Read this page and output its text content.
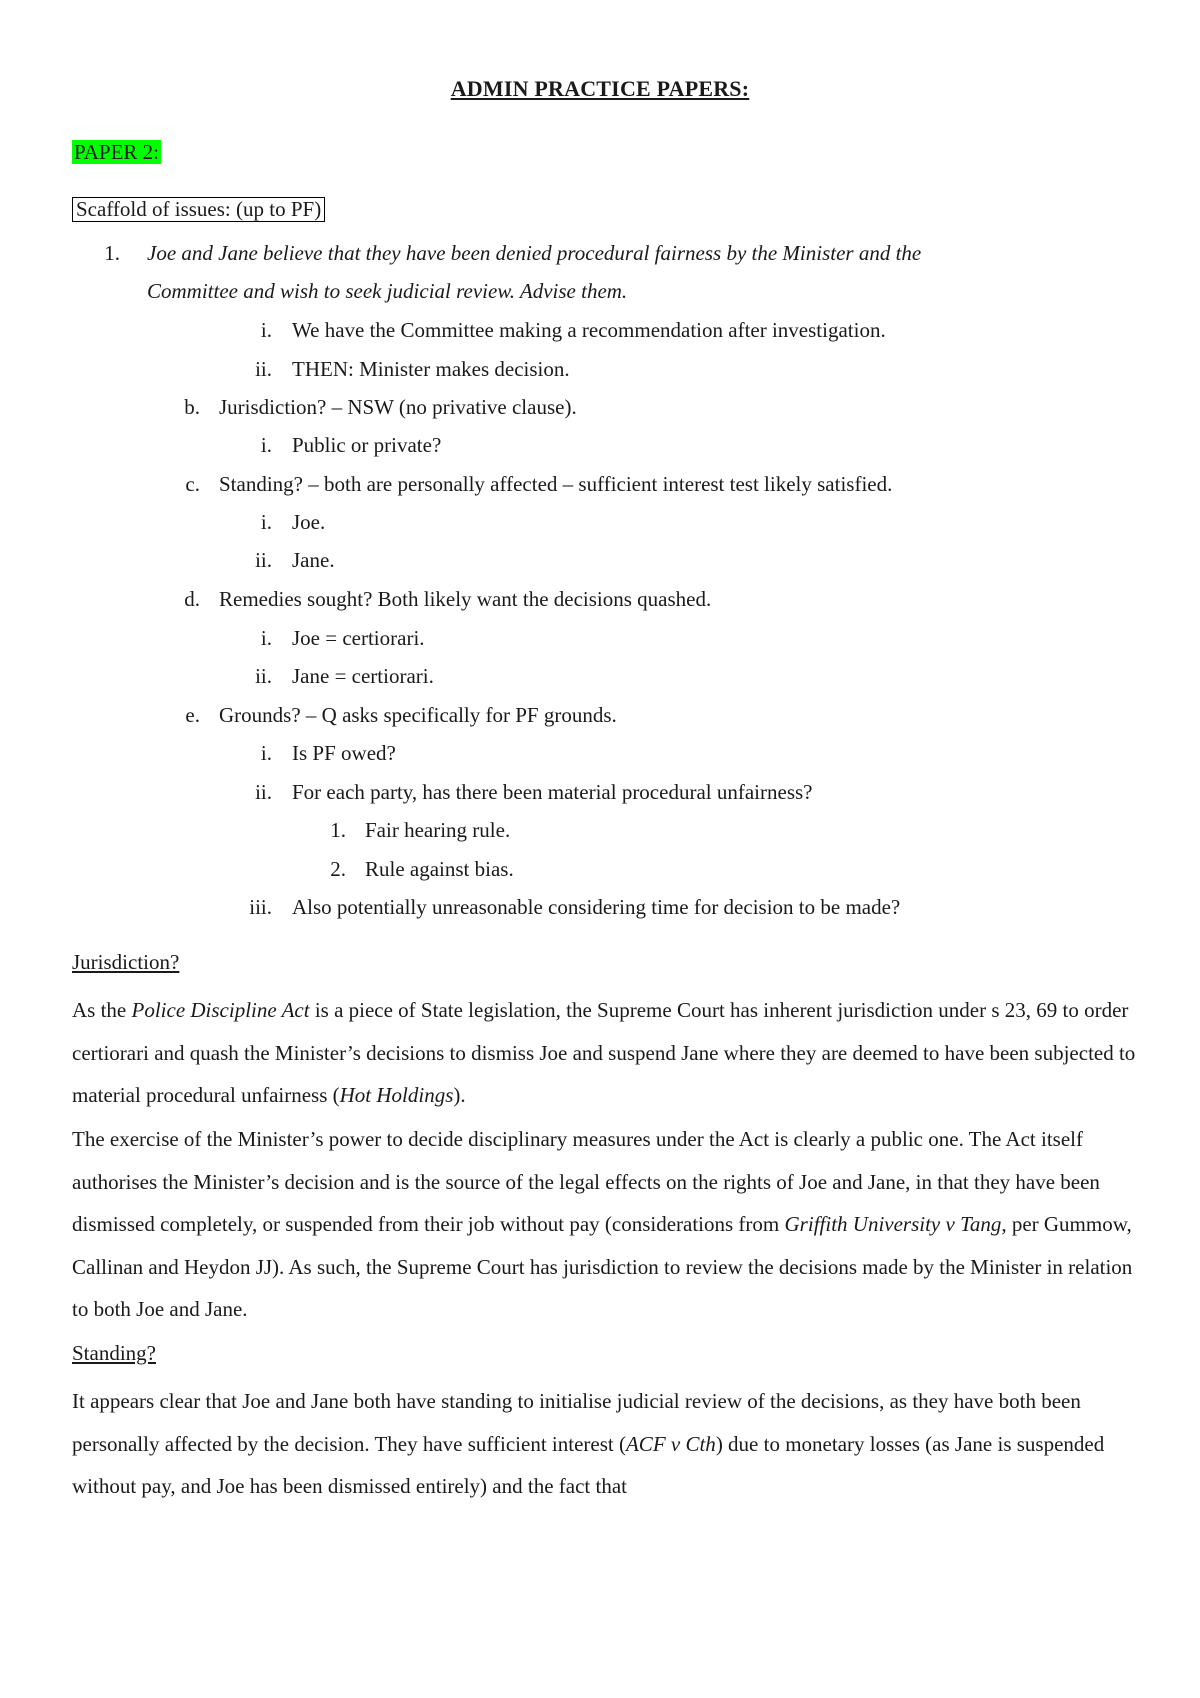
ADMIN PRACTICE PAPERS:
PAPER 2:
Scaffold of issues: (up to PF)
1. Joe and Jane believe that they have been denied procedural fairness by the Minister and the
Committee and wish to seek judicial review. Advise them.
i. We have the Committee making a recommendation after investigation.
ii. THEN: Minister makes decision.
b. Jurisdiction? – NSW (no privative clause).
i. Public or private?
c. Standing? – both are personally affected – sufficient interest test likely satisfied.
i. Joe.
ii. Jane.
d. Remedies sought? Both likely want the decisions quashed.
i. Joe = certiorari.
ii. Jane = certiorari.
e. Grounds? – Q asks specifically for PF grounds.
i. Is PF owed?
ii. For each party, has there been material procedural unfairness?
1. Fair hearing rule.
2. Rule against bias.
iii. Also potentially unreasonable considering time for decision to be made?
Jurisdiction?
As the Police Discipline Act is a piece of State legislation, the Supreme Court has inherent jurisdiction under s 23, 69 to order certiorari and quash the Minister’s decisions to dismiss Joe and suspend Jane where they are deemed to have been subjected to material procedural unfairness (Hot Holdings).
The exercise of the Minister’s power to decide disciplinary measures under the Act is clearly a public one. The Act itself authorises the Minister’s decision and is the source of the legal effects on the rights of Joe and Jane, in that they have been dismissed completely, or suspended from their job without pay (considerations from Griffith University v Tang, per Gummow, Callinan and Heydon JJ). As such, the Supreme Court has jurisdiction to review the decisions made by the Minister in relation to both Joe and Jane.
Standing?
It appears clear that Joe and Jane both have standing to initialise judicial review of the decisions, as they have both been personally affected by the decision. They have sufficient interest (ACF v Cth) due to monetary losses (as Jane is suspended without pay, and Joe has been dismissed entirely) and the fact that
